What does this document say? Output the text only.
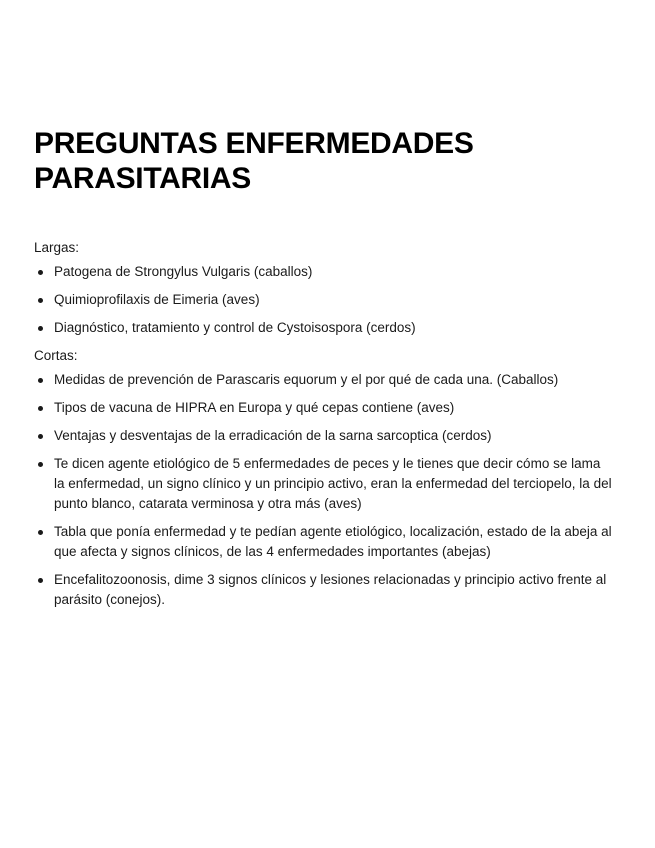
PREGUNTAS ENFERMEDADES PARASITARIAS

Largas:

Patogena de Strongylus Vulgaris (caballos)
Quimioprofilaxis de Eimeria (aves)
Diagnóstico, tratamiento y control de Cystoisospora (cerdos)

Cortas:

Medidas de prevención de Parascaris equorum y el por qué de cada una. (Caballos)
Tipos de vacuna de HIPRA en Europa y qué cepas contiene (aves)
Ventajas y desventajas de la erradicación de la sarna sarcoptica (cerdos)
Te dicen agente etiológico de 5 enfermedades de peces y le tienes que decir cómo se lama la enfermedad, un signo clínico y un principio activo, eran la enfermedad del terciopelo, la del punto blanco, catarata verminosa y otra más (aves)
Tabla que ponía enfermedad y te pedían agente etiológico, localización, estado de la abeja al que afecta y signos clínicos, de las 4 enfermedades importantes (abejas)
Encefalitozoonosis, dime 3 signos clínicos y lesiones relacionadas y principio activo frente al parásito (conejos).
